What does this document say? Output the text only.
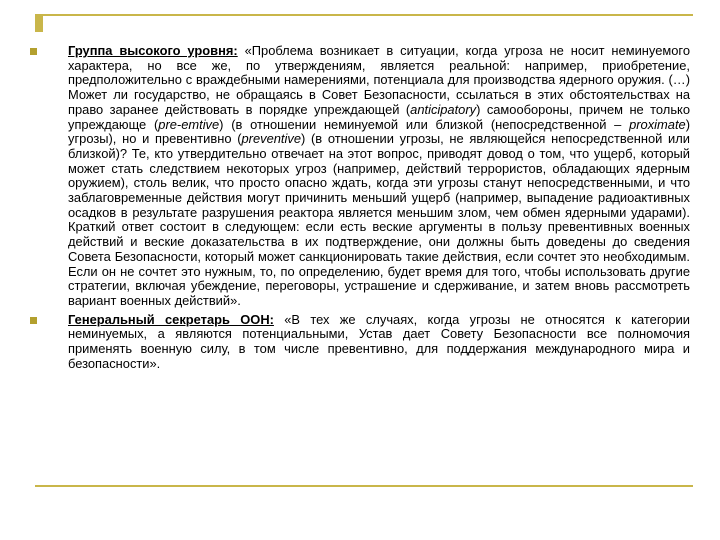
Группа высокого уровня: «Проблема возникает в ситуации, когда угроза не носит неминуемого характера, но все же, по утверждениям, является реальной: например, приобретение, предположительно с враждебными намерениями, потенциала для производства ядерного оружия. (…) Может ли государство, не обращаясь в Совет Безопасности, ссылаться в этих обстоятельствах на право заранее действовать в порядке упреждающей (anticipatory) самообороны, причем не только упреждающе (pre-emtive) (в отношении неминуемой или близкой (непосредственной – proximate) угрозы), но и превентивно (preventive) (в отношении угрозы, не являющейся непосредственной или близкой)? Те, кто утвердительно отвечает на этот вопрос, приводят довод о том, что ущерб, который может стать следствием некоторых угроз (например, действий террористов, обладающих ядерным оружием), столь велик, что просто опасно ждать, когда эти угрозы станут непосредственными, и что заблаговременные действия могут причинить меньший ущерб (например, выпадение радиоактивных осадков в результате разрушения реактора является меньшим злом, чем обмен ядерными ударами). Краткий ответ состоит в следующем: если есть веские аргументы в пользу превентивных военных действий и веские доказательства в их подтверждение, они должны быть доведены до сведения Совета Безопасности, который может санкционировать такие действия, если сочтет это необходимым. Если он не сочтет это нужным, то, по определению, будет время для того, чтобы использовать другие стратегии, включая убеждение, переговоры, устрашение и сдерживание, и затем вновь рассмотреть вариант военных действий».
Генеральный секретарь ООН: «В тех же случаях, когда угрозы не относятся к категории неминуемых, а являются потенциальными, Устав дает Совету Безопасности все полномочия применять военную силу, в том числе превентивно, для поддержания международного мира и безопасности».
